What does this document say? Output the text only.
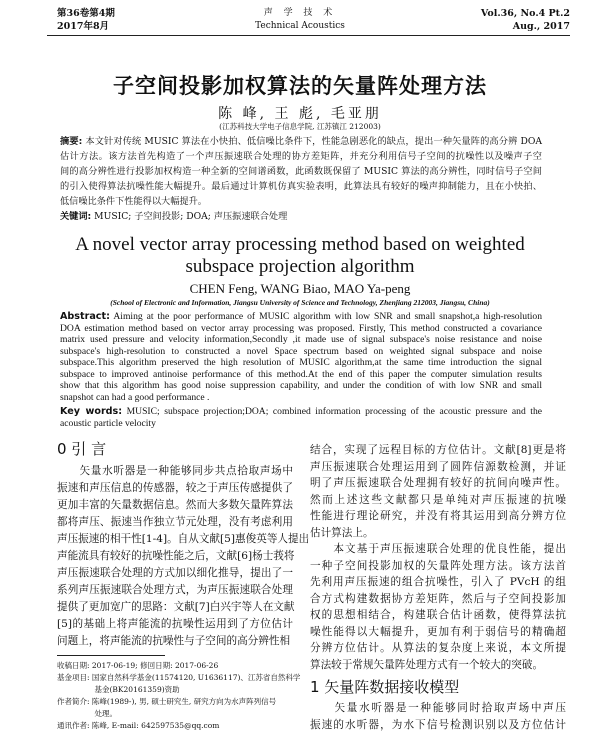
第36卷第4期
2017年8月
声 学 技 术
Technical Acoustics
Vol.36, No.4 Pt.2
Aug., 2017
子空间投影加权算法的矢量阵处理方法
陈 峰, 王 彪, 毛亚朋
(江苏科技大学电子信息学院, 江苏镇江 212003)
摘要: 本文针对传统 MUSIC 算法在小快拍、低信噪比条件下，性能急剧恶化的缺点，提出一种矢量阵的高分辨 DOA
估计方法。该方法首先构造了一个声压振速联合处理的协方差矩阵，并充分利用信号子空间的抗噪性以及噪声子空
间的高分辨性进行投影加权构造一种全新的空间谱函数，此函数既保留了 MUSIC 算法的高分辨性，同时信号子空间
的引入使得算法抗噪性能大幅提升。最后通过计算机仿真实验表明，此算法具有较好的噪声抑制能力，且在小快拍、
低信噪比条件下性能得以大幅提升。
关键词: MUSIC; 子空间投影; DOA; 声压振速联合处理
A novel vector array processing method based on weighted
subspace projection algorithm
CHEN Feng, WANG Biao, MAO Ya-peng
(School of Electronic and Information, Jiangsu University of Science and Technology, Zhenjiang 212003, Jiangsu, China)
Abstract: Aiming at the poor performance of MUSIC algorithm with low SNR and small snapshot,a high-resolution
DOA estimation method based on vector array processing was proposed. Firstly, This method constructed a covariance
matrix used pressure and velocity information,Secondly ,it made use of signal subspace's noise resistance and noise
subspace's high-resolution to constructed a novel Space spectrum based on weighted signal subspace and noise
subspace.This algorithm preserved the high resolution of MUSIC algorithm,at the same time introduction the signal
subspace to improved antinoise performance of this method.At the end of this paper the computer simulation results
show that this algorithm has good noise suppression capability, and under the condition of with low SNR and small
snapshot can had a good performance .
Key words: MUSIC; subspace projection;DOA; combined information processing of the acoustic pressure and the
acoustic particle velocity
0 引 言
　　矢量水听器是一种能够同步共点拾取声场中
振速和声压信息的传感器，较之于声压传感提供了
更加丰富的矢量数据信息。然而大多数矢量阵算法
都将声压、振速当作独立节元处理，没有考虑利用
声压振速的相干性[1-4]。自从文献[5]惠俊英等人提出
声能流具有较好的抗噪性能之后，文献[6]杨士莪将
声压振速联合处理的方式加以细化推导，提出了一
系列声压振速联合处理方式，为声压振速联合处理
提供了更加宽广的思路：文献[7]白兴宇等人在文献
[5]的基础上将声能流的抗噪性运用到了方位估计
问题上，将声能流的抗噪性与子空间的高分辨性相
收稿日期: 2017-06-19; 修回日期: 2017-06-26
基金项目: 国家自然科学基金(11574120, U1636117)、江苏省自然科学
　　　　　基金(BK20161359)资助
作者简介: 陈峰(1989-), 男, 硕士研究生, 研究方向为水声阵列信号
　　　　　处理。
通讯作者: 陈峰, E-mail: 642597535@qq.com
结合，实现了远程目标的方位估计。文献[8]更是将
声压振速联合处理运用到了圆阵信源数检测，并证
明了声压振速联合处理拥有较好的抗间向噪声性。
然而上述这些文献都只是单纯对声压振速的抗噪
性能进行理论研究，并没有将其运用到高分辨方位
估计算法上。
　　本文基于声压振速联合处理的优良性能，提出
一种子空间投影加权的矢量阵处理方法。该方法首
先利用声压振速的组合抗噪性，引入了 PVcH 的组
合方式构建数据协方差矩阵，然后与子空间投影加
权的思想相结合，构建联合估计函数，使得算法抗
噪性能得以大幅提升，更加有利于弱信号的精确超
分辨方位估计。从算法的复杂度上来说，本文所提
算法较于常规矢量阵处理方式有一个较大的突破。
1 矢量阵数据接收模型
　　矢量水听器是一种能够同时拾取声场中声压
振速的水听器，为水下信号检测识别以及方位估计
